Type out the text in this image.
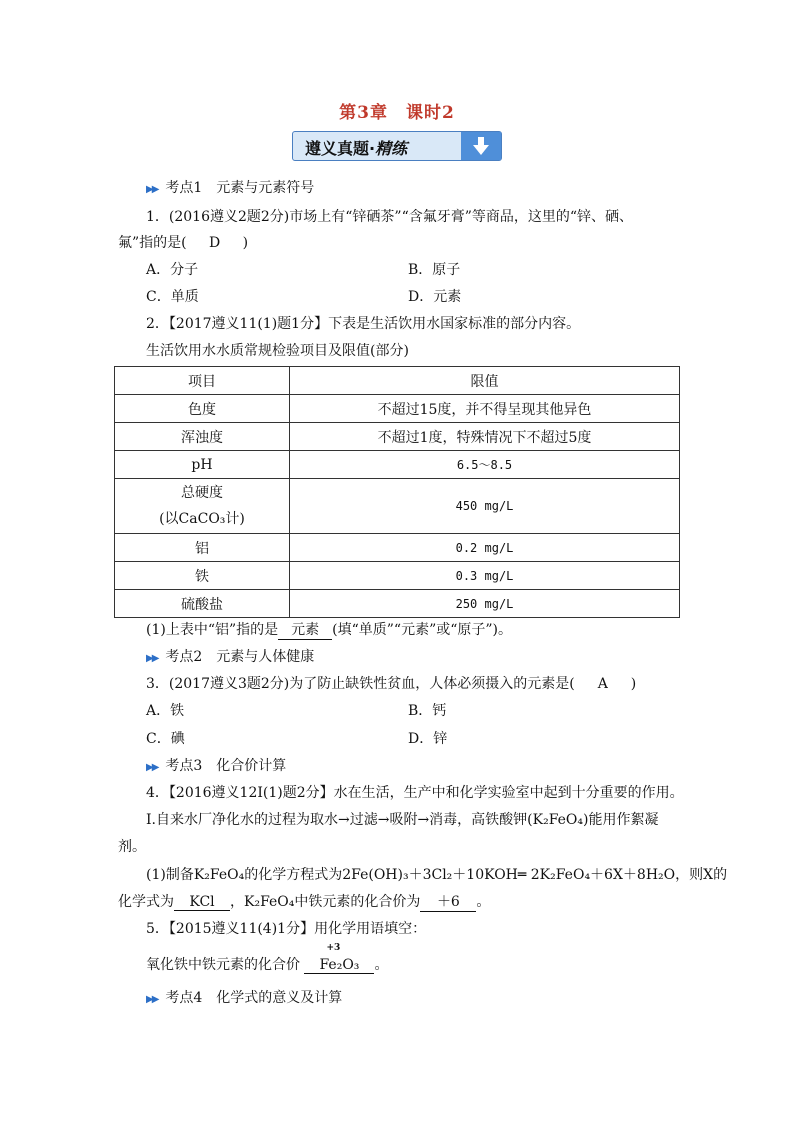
第3章 课时2
遵义真题·精练
▶▶ 考点1　元素与元素符号
1．(2016遵义2题2分)市场上有“锌硒茶”“含氟牙膏”等商品，这里的“锌、硒、
氟”指的是(　D　)
A．分子	B．原子
C．单质	D．元素
2．【2017遵义11(1)题1分】下表是生活饮用水国家标准的部分内容。
生活饮用水水质常规检验项目及限值(部分)
项目	限值
色度	不超过15度，并不得呈现其他异色
浑浊度	不超过1度，特殊情况下不超过5度
pH	6.5～8.5
总硬度
(以CaCO₃计)	450 mg/L
铝	0.2 mg/L
铁	0.3 mg/L
硫酸盐	250 mg/L
(1)上表中“铝”指的是 元素 (填“单质”“元素”或“原子”)。
▶▶ 考点2　元素与人体健康
3．(2017遵义3题2分)为了防止缺铁性贫血，人体必须摄入的元素是(　A　)
A．铁	B．钙
C．碘	D．锌
▶▶ 考点3　化合价计算
4．【2016遵义12Ⅰ(1)题2分】水在生活，生产中和化学实验室中起到十分重要的作用。
Ⅰ.自来水厂净化水的过程为取水→过滤→吸附→消毒，高铁酸钾(K₂FeO₄)能用作絮凝
剂。
(1)制备K₂FeO₄的化学方程式为2Fe(OH)₃＋3Cl₂＋10KOH═ 2K₂FeO₄＋6X＋8H₂O，则X的
化学式为 KCl ，K₂FeO₄中铁元素的化合价为 ＋6 。
5．【2015遵义11(4)1分】用化学用语填空：
氧化铁中铁元素的化合价
+3
Fe₂O₃ 。
▶▶ 考点4　化学式的意义及计算
